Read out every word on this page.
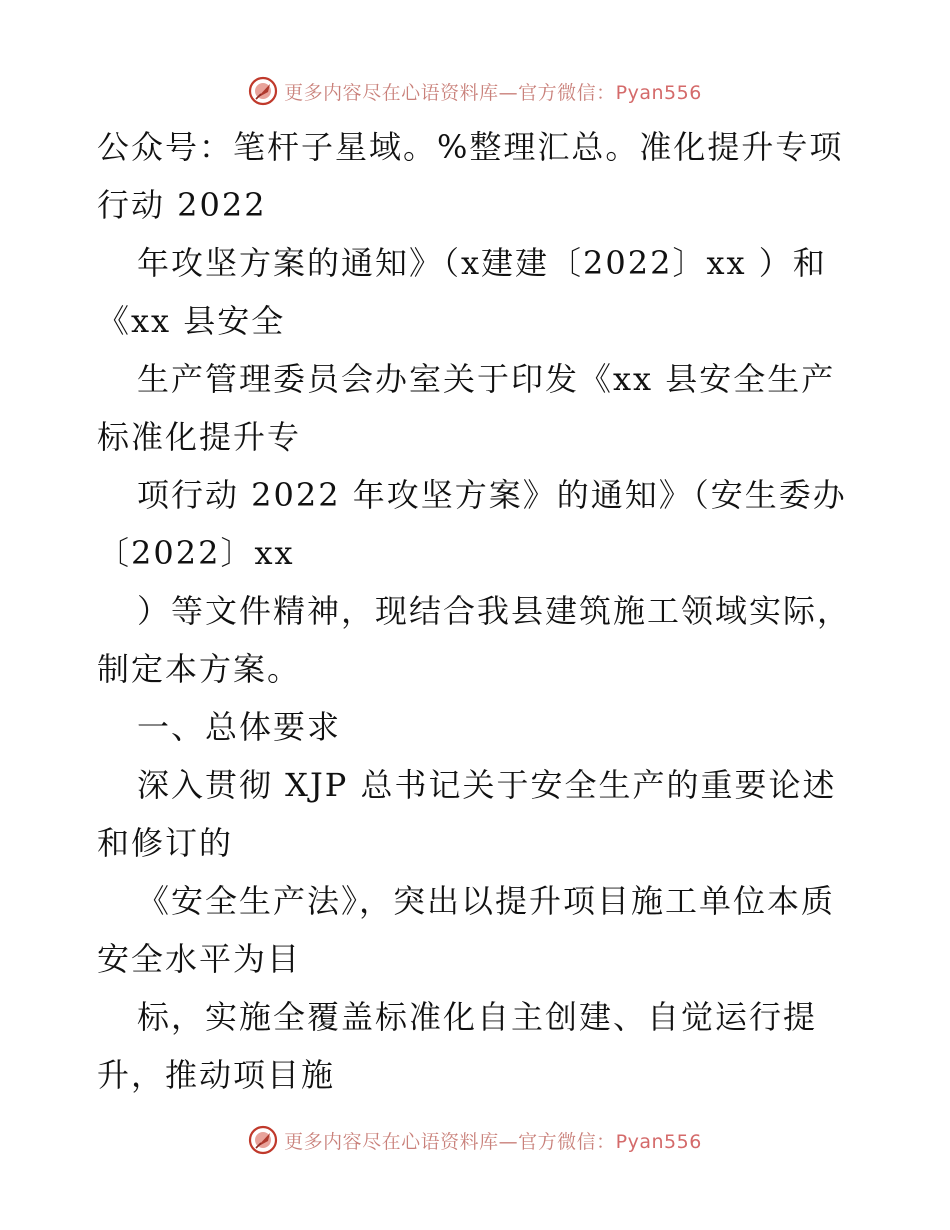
更多内容尽在心语资料库—官方微信：Pyan556
公众号：笔杆子星域。%整理汇总。准化提升专项
行动 2022
年攻坚方案的通知》（x建建〔2022〕xx ）和
《xx 县安全
生产管理委员会办室关于印发《xx 县安全生产
标准化提升专
项行动 2022 年攻坚方案》的通知》（安生委办
〔2022〕xx
）等文件精神，现结合我县建筑施工领域实际，
制定本方案。
一、总体要求
深入贯彻 XJP 总书记关于安全生产的重要论述
和修订的
《安全生产法》，突出以提升项目施工单位本质
安全水平为目
标，实施全覆盖标准化自主创建、自觉运行提
升，推动项目施
更多内容尽在心语资料库—官方微信：Pyan556
